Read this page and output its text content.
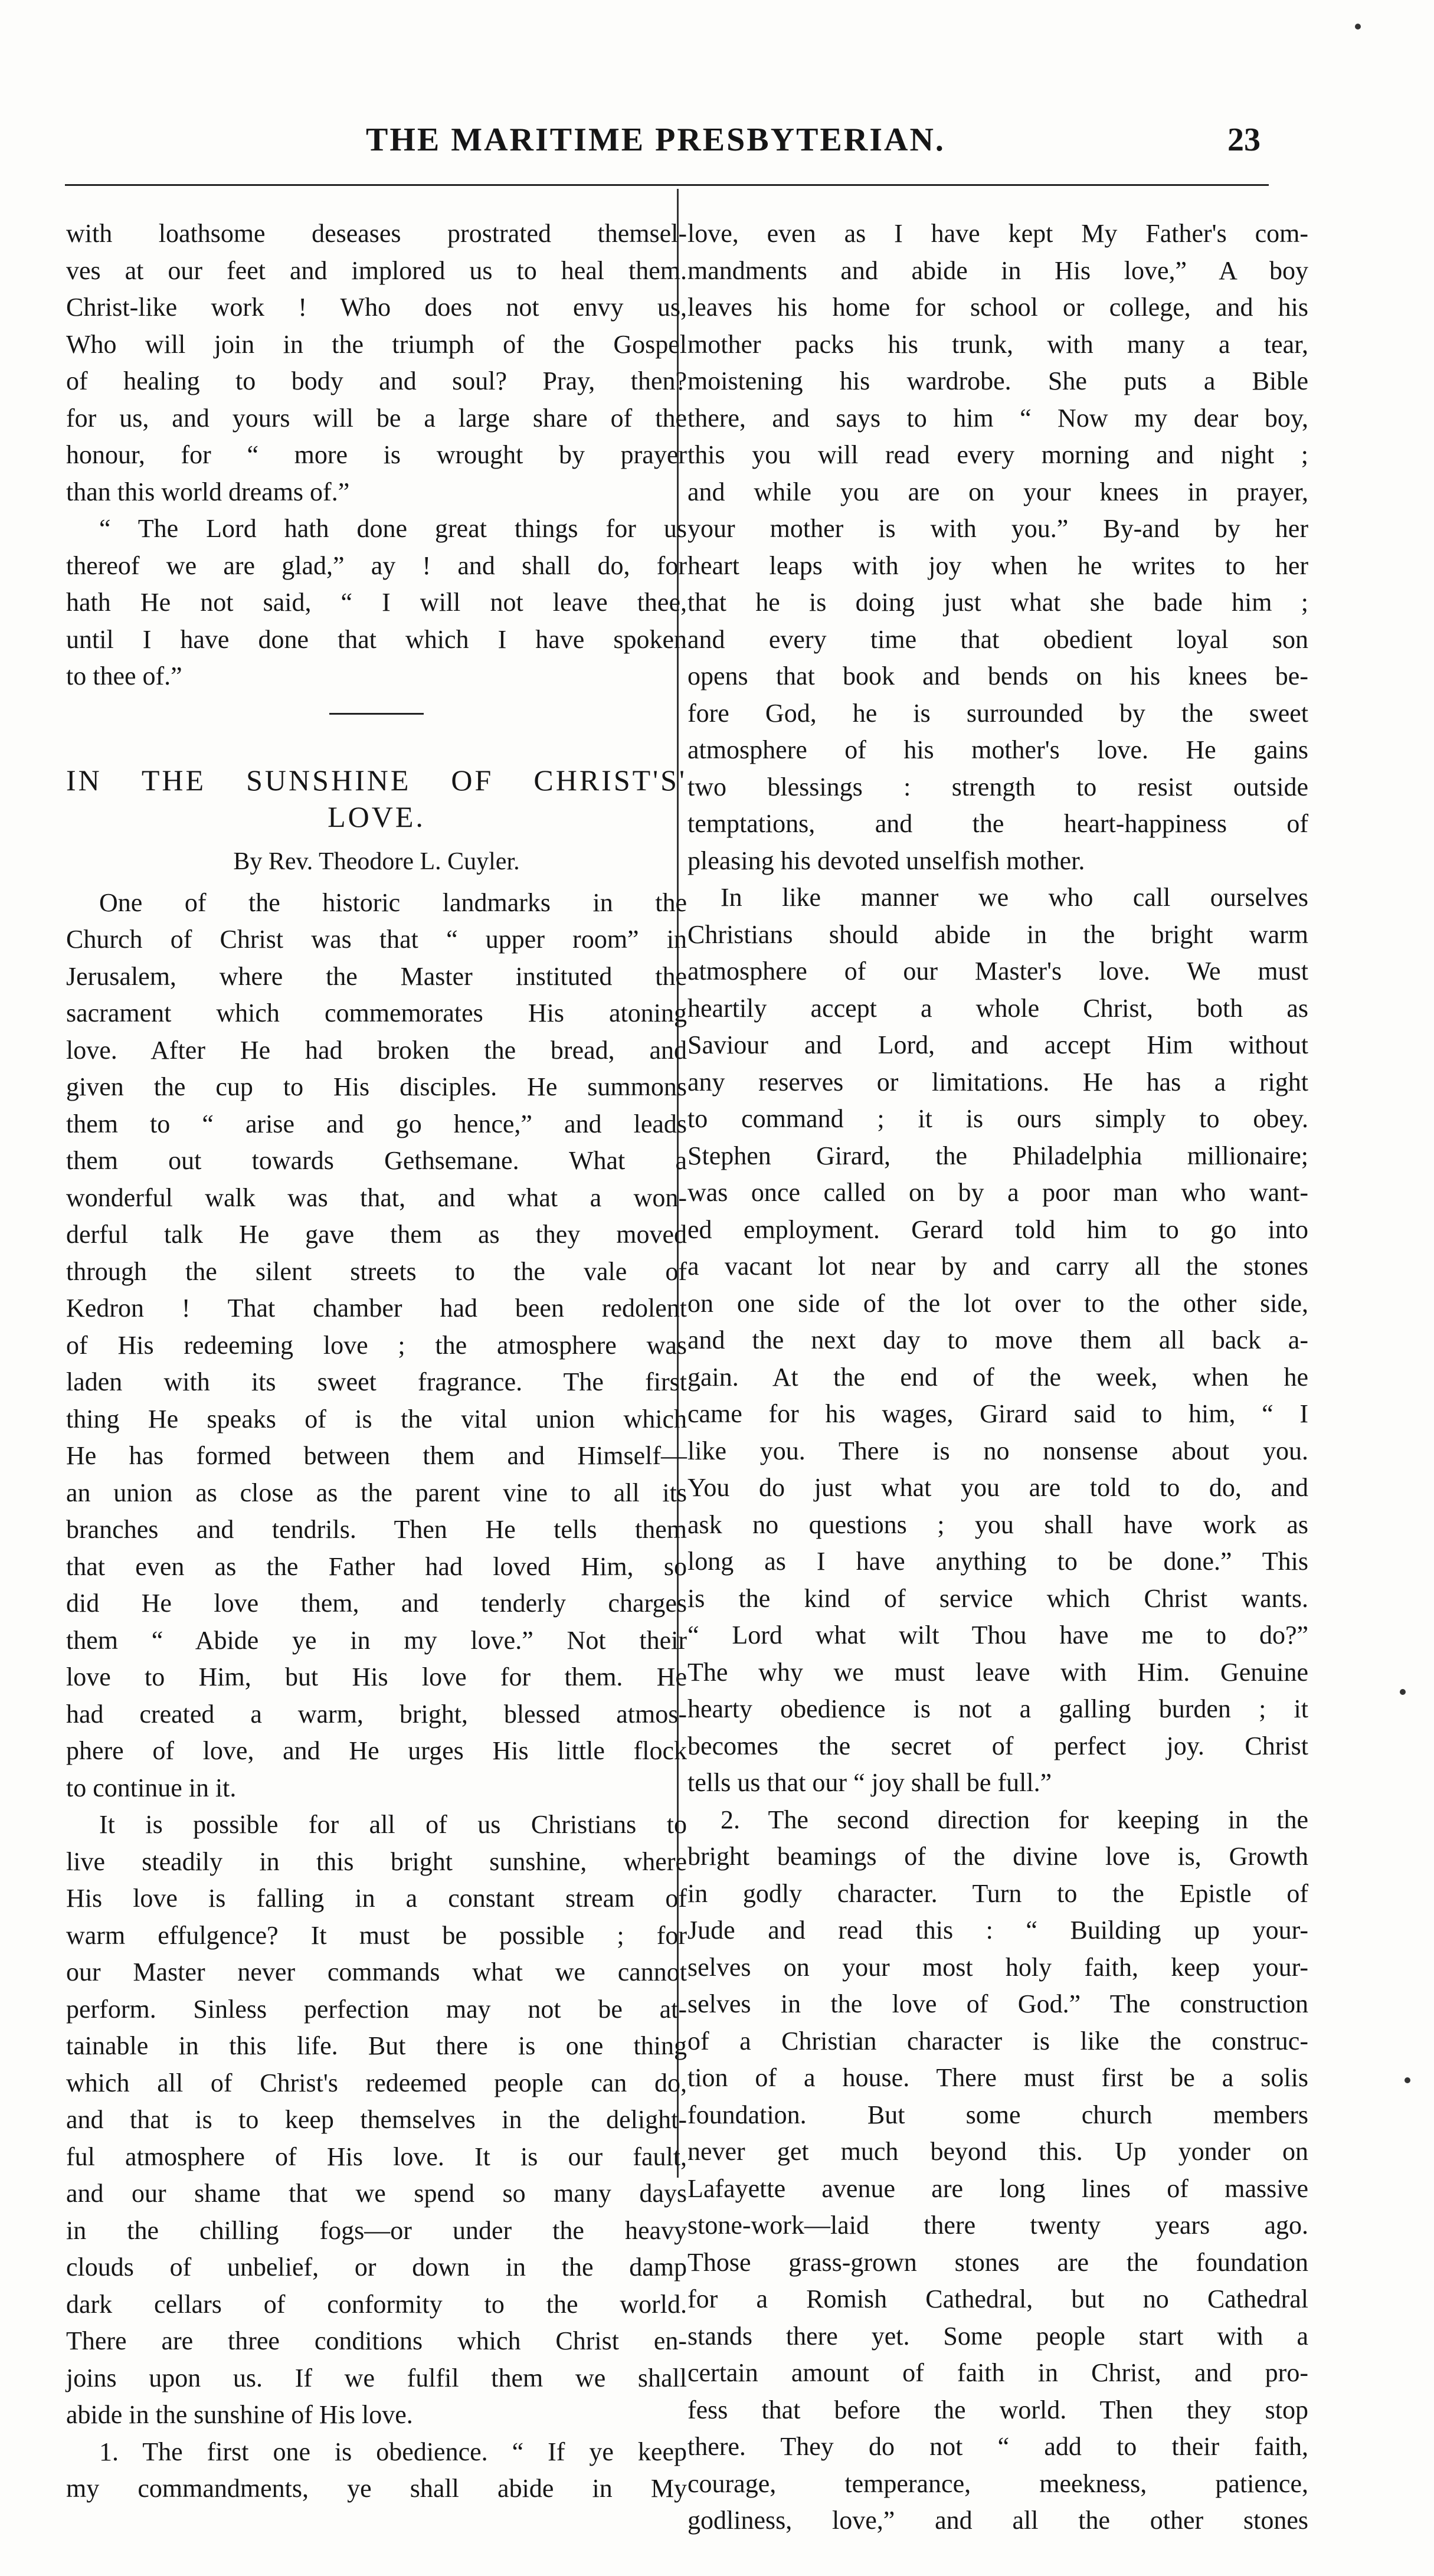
THE MARITIME PRESBYTERIAN.	23
with loathsome deseases prostrated themsel-
ves at our feet and implored us to heal them.
Christ-like work ! Who does not envy us,
Who will join in the triumph of the Gospel
of healing to body and soul? Pray, then?
for us, and yours will be a large share of the
honour, for “ more is wrought by prayer
than this world dreams of.”
“ The Lord hath done great things for us
thereof we are glad,” ay ! and shall do, for
hath He not said, “ I will not leave thee,
until I have done that which I have spoken
to thee of.”
IN THE SUNSHINE OF CHRIST'S'
LOVE.
By Rev. Theodore L. Cuyler.
One of the historic landmarks in the
Church of Christ was that “ upper room” in
Jerusalem, where the Master instituted the
sacrament which commemorates His atoning
love. After He had broken the bread, and
given the cup to His disciples. He summons
them to “ arise and go hence,” and leads
them out towards Gethsemane. What a
wonderful walk was that, and what a won-
derful talk He gave them as they moved
through the silent streets to the vale of
Kedron ! That chamber had been redolent
of His redeeming love ; the atmosphere was
laden with its sweet fragrance. The first
thing He speaks of is the vital union which
He has formed between them and Himself—
an union as close as the parent vine to all its
branches and tendrils. Then He tells them
that even as the Father had loved Him, so
did He love them, and tenderly charges
them “ Abide ye in my love.” Not their
love to Him, but His love for them. He
had created a warm, bright, blessed atmos-
phere of love, and He urges His little flock
to continue in it.
It is possible for all of us Christians to
live steadily in this bright sunshine, where
His love is falling in a constant stream of
warm effulgence? It must be possible ; for
our Master never commands what we cannot
perform. Sinless perfection may not be at-
tainable in this life. But there is one thing
which all of Christ's redeemed people can do,
and that is to keep themselves in the delight-
ful atmosphere of His love. It is our fault,
and our shame that we spend so many days
in the chilling fogs—or under the heavy
clouds of unbelief, or down in the damp
dark cellars of conformity to the world.
There are three conditions which Christ en-
joins upon us. If we fulfil them we shall
abide in the sunshine of His love.
1. The first one is obedience. “ If ye keep
my commandments, ye shall abide in My
love, even as I have kept My Father's com-
mandments and abide in His love,” A boy
leaves his home for school or college, and his
mother packs his trunk, with many a tear,
moistening his wardrobe. She puts a Bible
there, and says to him “ Now my dear boy,
this you will read every morning and night ;
and while you are on your knees in prayer,
your mother is with you.” By-and by her
heart leaps with joy when he writes to her
that he is doing just what she bade him ;
and every time that obedient loyal son
opens that book and bends on his knees be-
fore God, he is surrounded by the sweet
atmosphere of his mother's love. He gains
two blessings : strength to resist outside
temptations, and the heart-happiness of
pleasing his devoted unselfish mother.
In like manner we who call ourselves
Christians should abide in the bright warm
atmosphere of our Master's love. We must
heartily accept a whole Christ, both as
Saviour and Lord, and accept Him without
any reserves or limitations. He has a right
to command ; it is ours simply to obey.
Stephen Girard, the Philadelphia millionaire;
was once called on by a poor man who want-
ed employment. Gerard told him to go into
a vacant lot near by and carry all the stones
on one side of the lot over to the other side,
and the next day to move them all back a-
gain. At the end of the week, when he
came for his wages, Girard said to him, “ I
like you. There is no nonsense about you.
You do just what you are told to do, and
ask no questions ; you shall have work as
long as I have anything to be done.” This
is the kind of service which Christ wants.
“ Lord what wilt Thou have me to do?”
The why we must leave with Him. Genuine
hearty obedience is not a galling burden ; it
becomes the secret of perfect joy. Christ
tells us that our “ joy shall be full.”
2. The second direction for keeping in the
bright beamings of the divine love is, Growth
in godly character. Turn to the Epistle of
Jude and read this : “ Building up your-
selves on your most holy faith, keep your-
selves in the love of God.” The construction
of a Christian character is like the construc-
tion of a house. There must first be a solis
foundation. But some church members
never get much beyond this. Up yonder on
Lafayette avenue are long lines of massive
stone-work—laid there twenty years ago.
Those grass-grown stones are the foundation
for a Romish Cathedral, but no Cathedral
stands there yet. Some people start with a
certain amount of faith in Christ, and pro-
fess that before the world. Then they stop
there. They do not “ add to their faith,
courage, temperance, meekness, patience,
godliness, love,” and all the other stones
